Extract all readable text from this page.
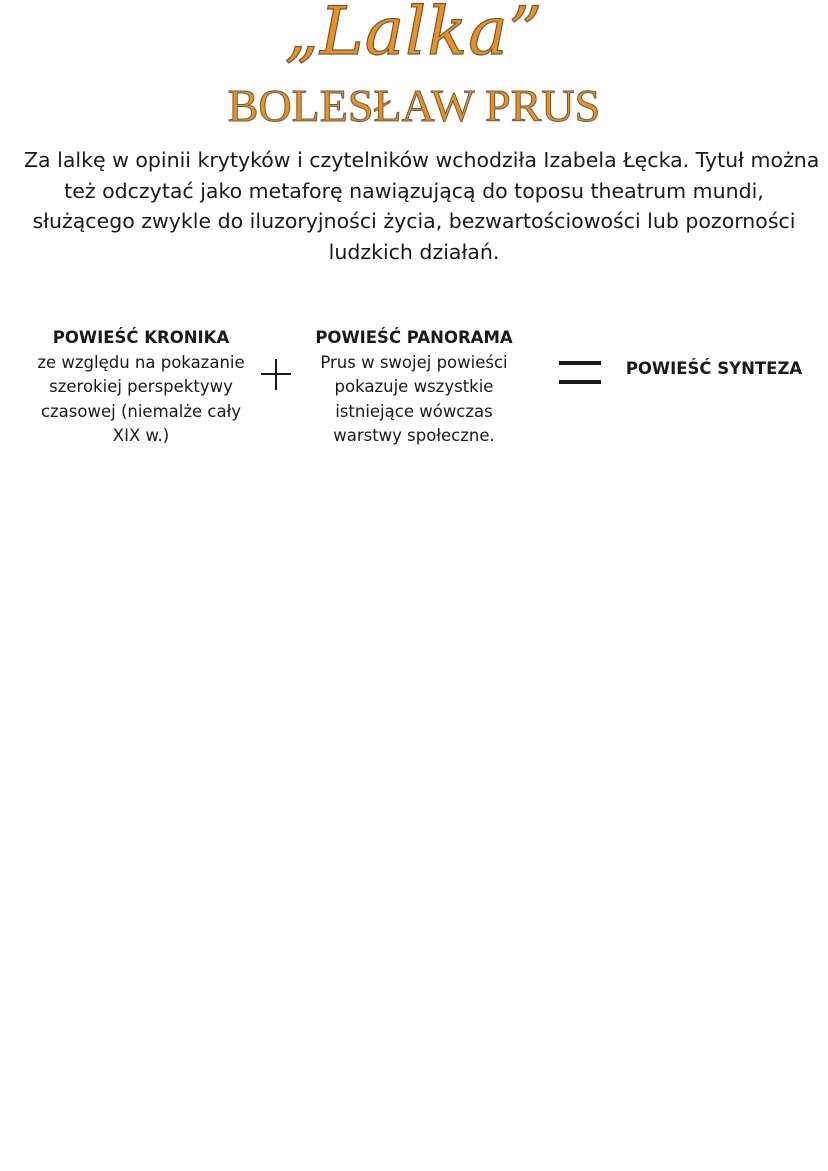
„Lalka”
BOLESŁAW PRUS
Za lalkę w opinii krytyków i czytelników wchodziła Izabela Łęcka. Tytuł można
też odczytać jako metaforę nawiązującą do toposu theatrum mundi,
służącego zwykle do iluzoryjności życia, bezwartościowości lub pozorności
ludzkich działań.
POWIEŚĆ KRONIKA
ze względu na pokazanie
szerokiej perspektywy
czasowej (niemalże cały
XIX w.)
POWIEŚĆ PANORAMA
Prus w swojej powieści
pokazuje wszystkie
istniejące wówczas
warstwy społeczne.
POWIEŚĆ SYNTEZA
